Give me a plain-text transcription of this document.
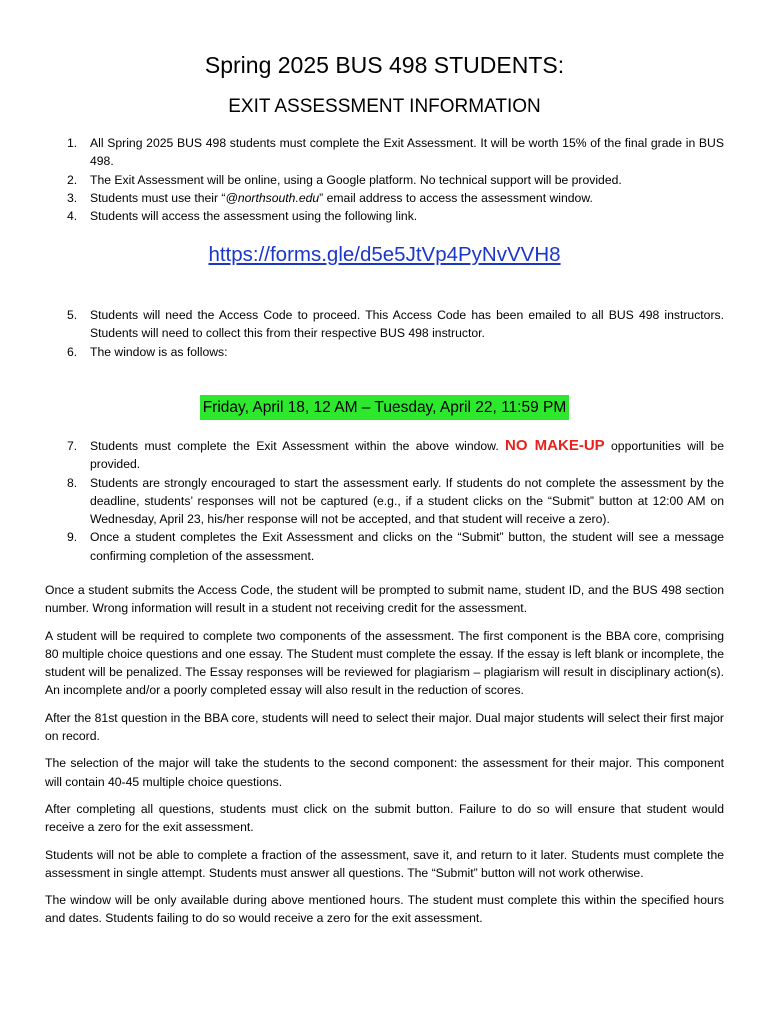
Spring 2025 BUS 498 STUDENTS:
EXIT ASSESSMENT INFORMATION
1. All Spring 2025 BUS 498 students must complete the Exit Assessment. It will be worth 15% of the final grade in BUS 498.
2. The Exit Assessment will be online, using a Google platform. No technical support will be provided.
3. Students must use their “@northsouth.edu” email address to access the assessment window.
4. Students will access the assessment using the following link.
https://forms.gle/d5e5JtVp4PyNvVVH8
5. Students will need the Access Code to proceed. This Access Code has been emailed to all BUS 498 instructors. Students will need to collect this from their respective BUS 498 instructor.
6. The window is as follows:
Friday, April 18, 12 AM – Tuesday, April 22, 11:59 PM
7. Students must complete the Exit Assessment within the above window. NO MAKE-UP opportunities will be provided.
8. Students are strongly encouraged to start the assessment early. If students do not complete the assessment by the deadline, students’ responses will not be captured (e.g., if a student clicks on the “Submit” button at 12:00 AM on Wednesday, April 23, his/her response will not be accepted, and that student will receive a zero).
9. Once a student completes the Exit Assessment and clicks on the “Submit” button, the student will see a message confirming completion of the assessment.

Once a student submits the Access Code, the student will be prompted to submit name, student ID, and the BUS 498 section number. Wrong information will result in a student not receiving credit for the assessment.

A student will be required to complete two components of the assessment. The first component is the BBA core, comprising 80 multiple choice questions and one essay. The Student must complete the essay. If the essay is left blank or incomplete, the student will be penalized. The Essay responses will be reviewed for plagiarism – plagiarism will result in disciplinary action(s). An incomplete and/or a poorly completed essay will also result in the reduction of scores.

After the 81st question in the BBA core, students will need to select their major. Dual major students will select their first major on record.

The selection of the major will take the students to the second component: the assessment for their major. This component will contain 40-45 multiple choice questions.

After completing all questions, students must click on the submit button. Failure to do so will ensure that student would receive a zero for the exit assessment.

Students will not be able to complete a fraction of the assessment, save it, and return to it later. Students must complete the assessment in single attempt. Students must answer all questions. The “Submit” button will not work otherwise.

The window will be only available during above mentioned hours. The student must complete this within the specified hours and dates. Students failing to do so would receive a zero for the exit assessment.
